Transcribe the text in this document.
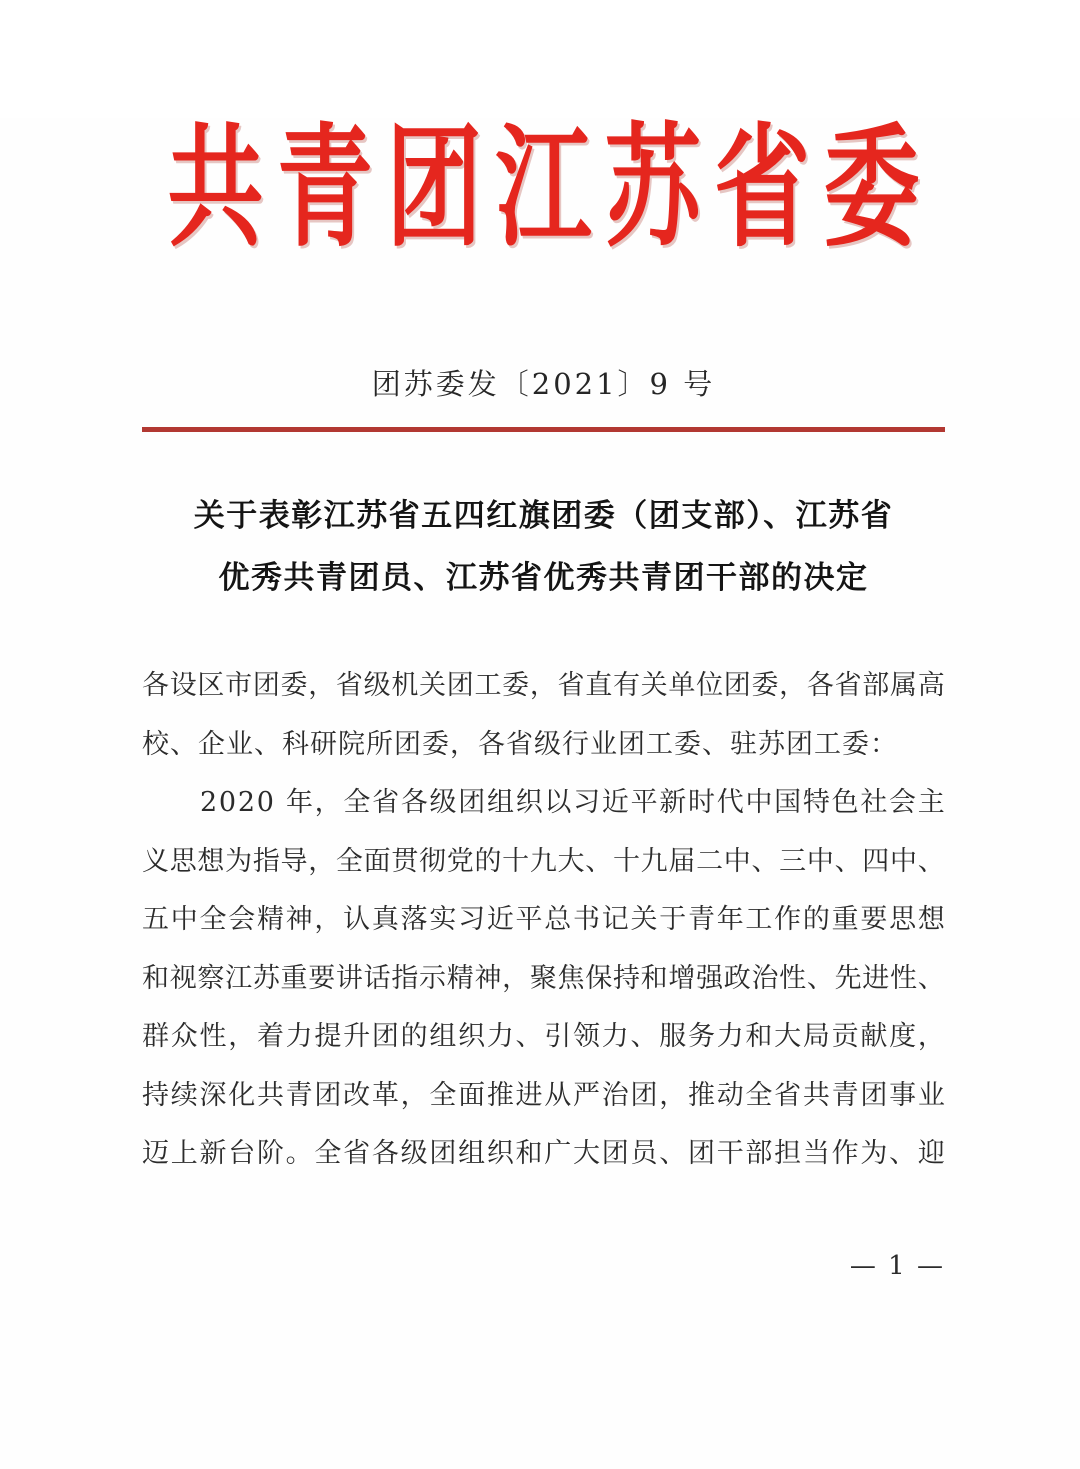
共 青 团 江 苏 省 委
团苏委发〔2021〕9 号
关于表彰江苏省五四红旗团委（团支部）、江苏省
优秀共青团员、江苏省优秀共青团干部的决定
各 设 区 市 团 委 ， 省 级 机 关 团 工 委 ， 省 直 有 关 单 位 团 委 ， 各 省 部 属 高
校、企业、科研院所团委，各省级行业团工委、驻苏团工委：
2 0 2 0
年 ， 全 省 各 级 团 组 织 以 习 近 平 新 时 代 中 国 特 色 社 会 主
义 思 想 为 指 导 ， 全 面 贯 彻 党 的 十 九 大 、 十 九 届 二 中 、 三 中 、 四 中 、
五 中 全 会 精 神 ， 认 真 落 实 习 近 平 总 书 记 关 于 青 年 工 作 的 重 要 思 想
和 视 察 江 苏 重 要 讲 话 指 示 精 神 ， 聚 焦 保 持 和 增 强 政 治 性 、 先 进 性 、
群 众 性 ， 着 力 提 升 团 的 组 织 力 、 引 领 力 、 服 务 力 和 大 局 贡 献 度 ，
持 续 深 化 共 青 团 改 革 ， 全 面 推 进 从 严 治 团 ， 推 动 全 省 共 青 团 事 业
迈 上 新 台 阶 。 全 省 各 级 团 组 织 和 广 大 团 员 、 团 干 部 担 当 作 为 、 迎
— 1 —
